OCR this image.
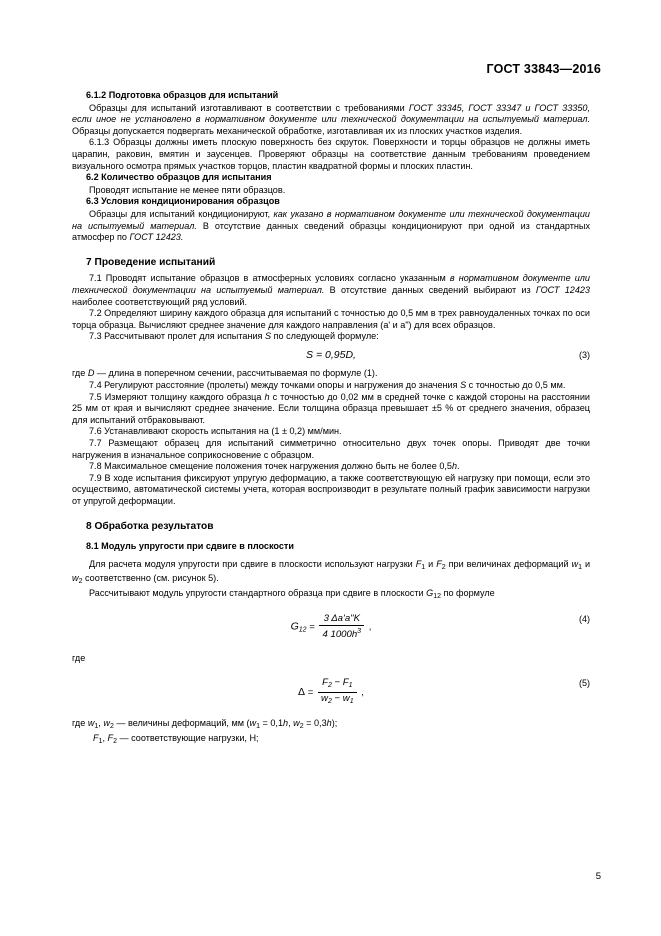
ГОСТ 33843—2016
6.1.2 Подготовка образцов для испытаний

Образцы для испытаний изготавливают в соответствии с требованиями ГОСТ 33345, ГОСТ 33347 и ГОСТ 33350, если иное не установлено в нормативном документе или технической документации на испытуемый материал. Образцы допускается подвергать механической обработке, изготавливая их из плоских участков изделия.

6.1.3 Образцы должны иметь плоскую поверхность без скруток. Поверхности и торцы образцов не должны иметь царапин, раковин, вмятин и заусенцев. Проверяют образцы на соответствие данным требованиям проведением визуального осмотра прямых участков торцов, пластин квадратной формы и плоских пластин.

6.2 Количество образцов для испытания

Проводят испытание не менее пяти образцов.

6.3 Условия кондиционирования образцов

Образцы для испытаний кондиционируют, как указано в нормативном документе или технической документации на испытуемый материал. В отсутствие данных сведений образцы кондиционируют при одной из стандартных атмосфер по ГОСТ 12423.

7 Проведение испытаний

7.1 Проводят испытание образцов в атмосферных условиях согласно указанным в нормативном документе или технической документации на испытуемый материал. В отсутствие данных сведений выбирают из ГОСТ 12423 наиболее соответствующий ряд условий.

7.2 Определяют ширину каждого образца для испытаний с точностью до 0,5 мм в трех равноудаленных точках по оси торца образца. Вычисляют среднее значение для каждого направления (a' и a") для всех образцов.

7.3 Рассчитывают пролет для испытания S по следующей формуле:

S = 0,95D,	(3)

где D — длина в поперечном сечении, рассчитываемая по формуле (1).

7.4 Регулируют расстояние (пролеты) между точками опоры и нагружения до значения S с точностью до 0,5 мм.

7.5 Измеряют толщину каждого образца h с точностью до 0,02 мм в средней точке с каждой стороны на расстоянии 25 мм от края и вычисляют среднее значение. Если толщина образца превышает ±5 % от среднего значения, образец для испытаний отбраковывают.

7.6 Устанавливают скорость испытания на (1 ± 0,2) мм/мин.

7.7 Размещают образец для испытаний симметрично относительно двух точек опоры. Приводят две точки нагружения в изначальное соприкосновение с образцом.

7.8 Максимальное смещение положения точек нагружения должно быть не более 0,5h.

7.9 В ходе испытания фиксируют упругую деформацию, а также соответствующую ей нагрузку при помощи, если это осуществимо, автоматической системы учета, которая воспроизводит в результате полный график зависимости нагрузки от упругой деформации.

8 Обработка результатов
8.1 Модуль упругости при сдвиге в плоскости

Для расчета модуля упругости при сдвиге в плоскости используют нагрузки $F_1$ и $F_2$ при величинах деформаций $w_1$ и $w_2$ соответственно (см. рисунок 5).

Рассчитывают модуль упругости стандартного образца при сдвиге в плоскости $G_{12}$ по формуле

$G_{12} = \frac{3 \Delta a'a"K}{4 1000h^3}$ ,
(4)

где

$\Delta = \frac{F_2 - F_1}{w_2 - w_1}$ ,
(5)

где $w_1$, $w_2$ — величины деформаций, мм ($w_1 = 0,1h$, $w_2 = 0,3h$);

$F_1$, $F_2$ — соответствующие нагрузки, Н;

5
